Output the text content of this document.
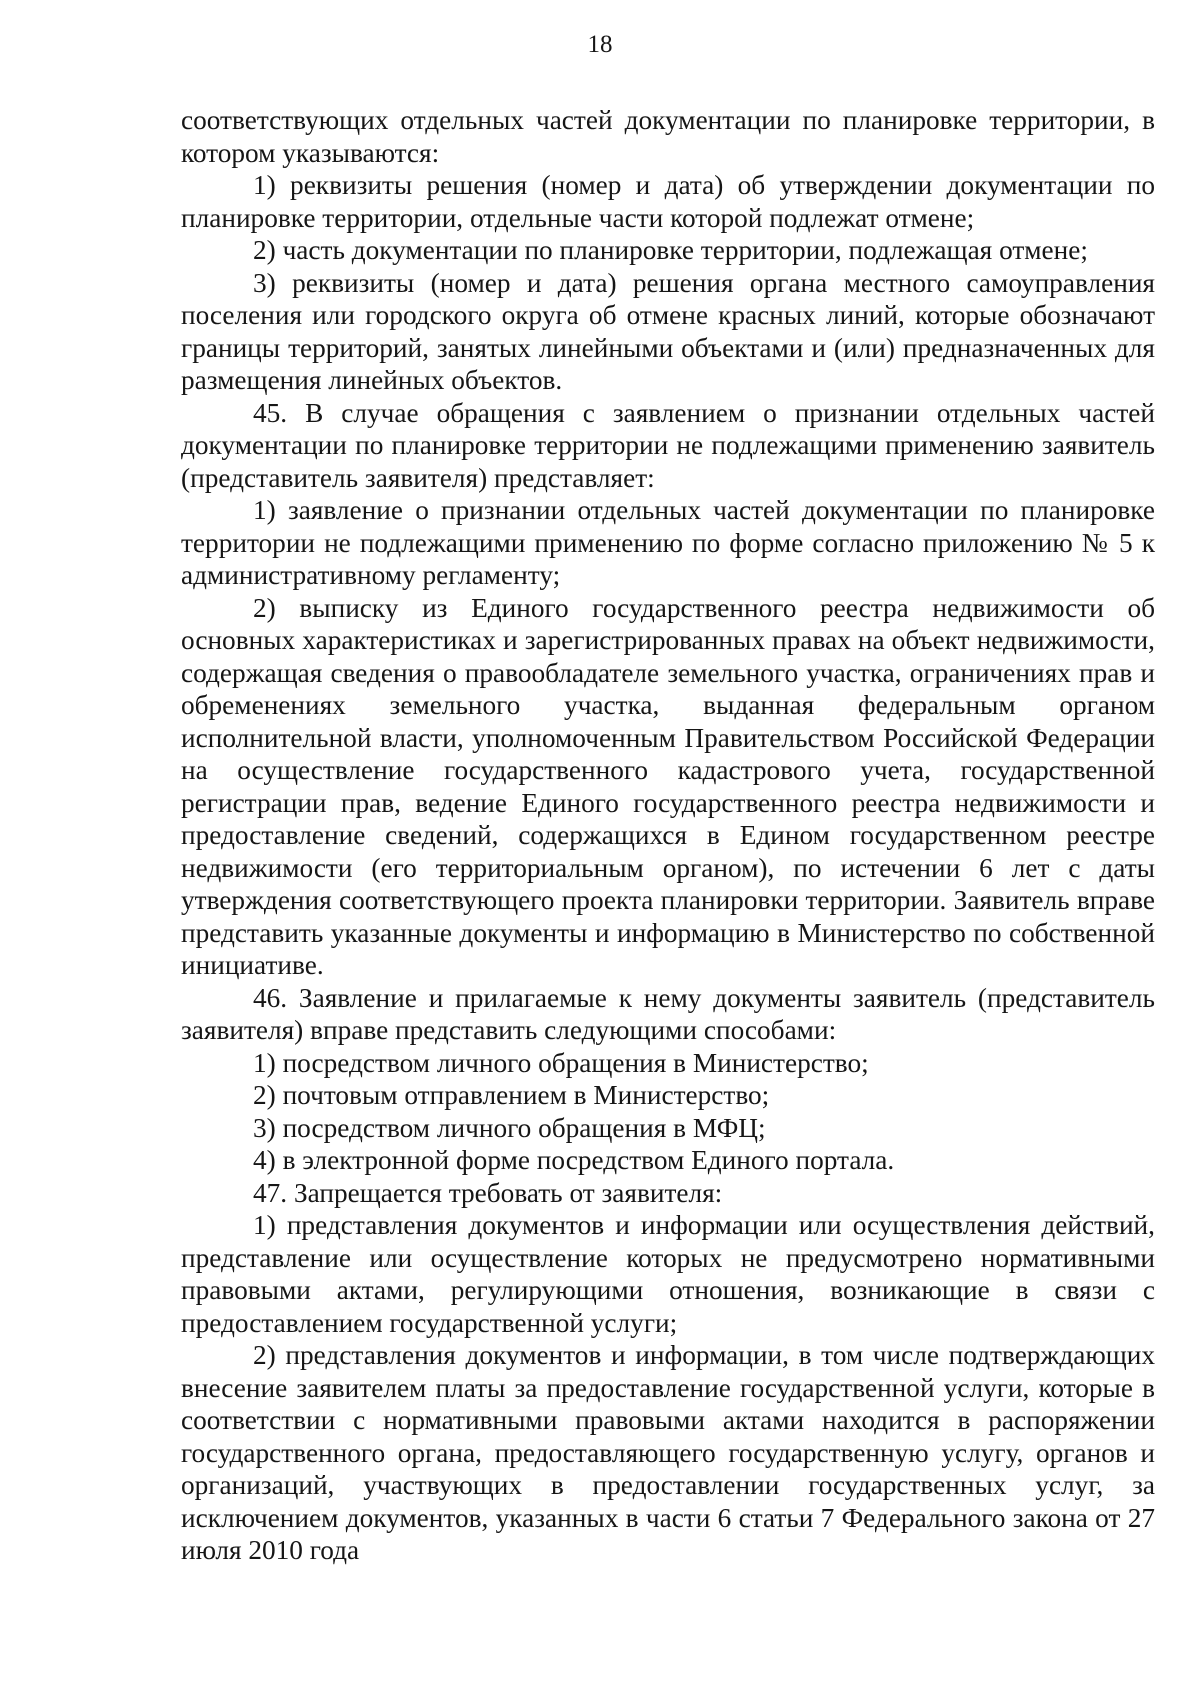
18

соответствующих отдельных частей документации по планировке территории, в котором указываются:

1) реквизиты решения (номер и дата) об утверждении документации по планировке территории, отдельные части которой подлежат отмене;

2) часть документации по планировке территории, подлежащая отмене;

3) реквизиты (номер и дата) решения органа местного самоуправления поселения или городского округа об отмене красных линий, которые обозначают границы территорий, занятых линейными объектами и (или) предназначенных для размещения линейных объектов.

45. В случае обращения с заявлением о признании отдельных частей документации по планировке территории не подлежащими применению заявитель (представитель заявителя) представляет:

1) заявление о признании отдельных частей документации по планировке территории не подлежащими применению по форме согласно приложению № 5 к административному регламенту;

2) выписку из Единого государственного реестра недвижимости об основных характеристиках и зарегистрированных правах на объект недвижимости, содержащая сведения о правообладателе земельного участка, ограничениях прав и обременениях земельного участка, выданная федеральным органом исполнительной власти, уполномоченным Правительством Российской Федерации на осуществление государственного кадастрового учета, государственной регистрации прав, ведение Единого государственного реестра недвижимости и предоставление сведений, содержащихся в Едином государственном реестре недвижимости (его территориальным органом), по истечении 6 лет с даты утверждения соответствующего проекта планировки территории. Заявитель вправе представить указанные документы и информацию в Министерство по собственной инициативе.

46. Заявление и прилагаемые к нему документы заявитель (представитель заявителя) вправе представить следующими способами:

1) посредством личного обращения в Министерство;

2) почтовым отправлением в Министерство;

3) посредством личного обращения в МФЦ;

4) в электронной форме посредством Единого портала.

47. Запрещается требовать от заявителя:

1) представления документов и информации или осуществления действий, представление или осуществление которых не предусмотрено нормативными правовыми актами, регулирующими отношения, возникающие в связи с предоставлением государственной услуги;

2) представления документов и информации, в том числе подтверждающих внесение заявителем платы за предоставление государственной услуги, которые в соответствии с нормативными правовыми актами находится в распоряжении государственного органа, предоставляющего государственную услугу, органов и организаций, участвующих в предоставлении государственных услуг, за исключением документов, указанных в части 6 статьи 7 Федерального закона от 27 июля 2010 года
